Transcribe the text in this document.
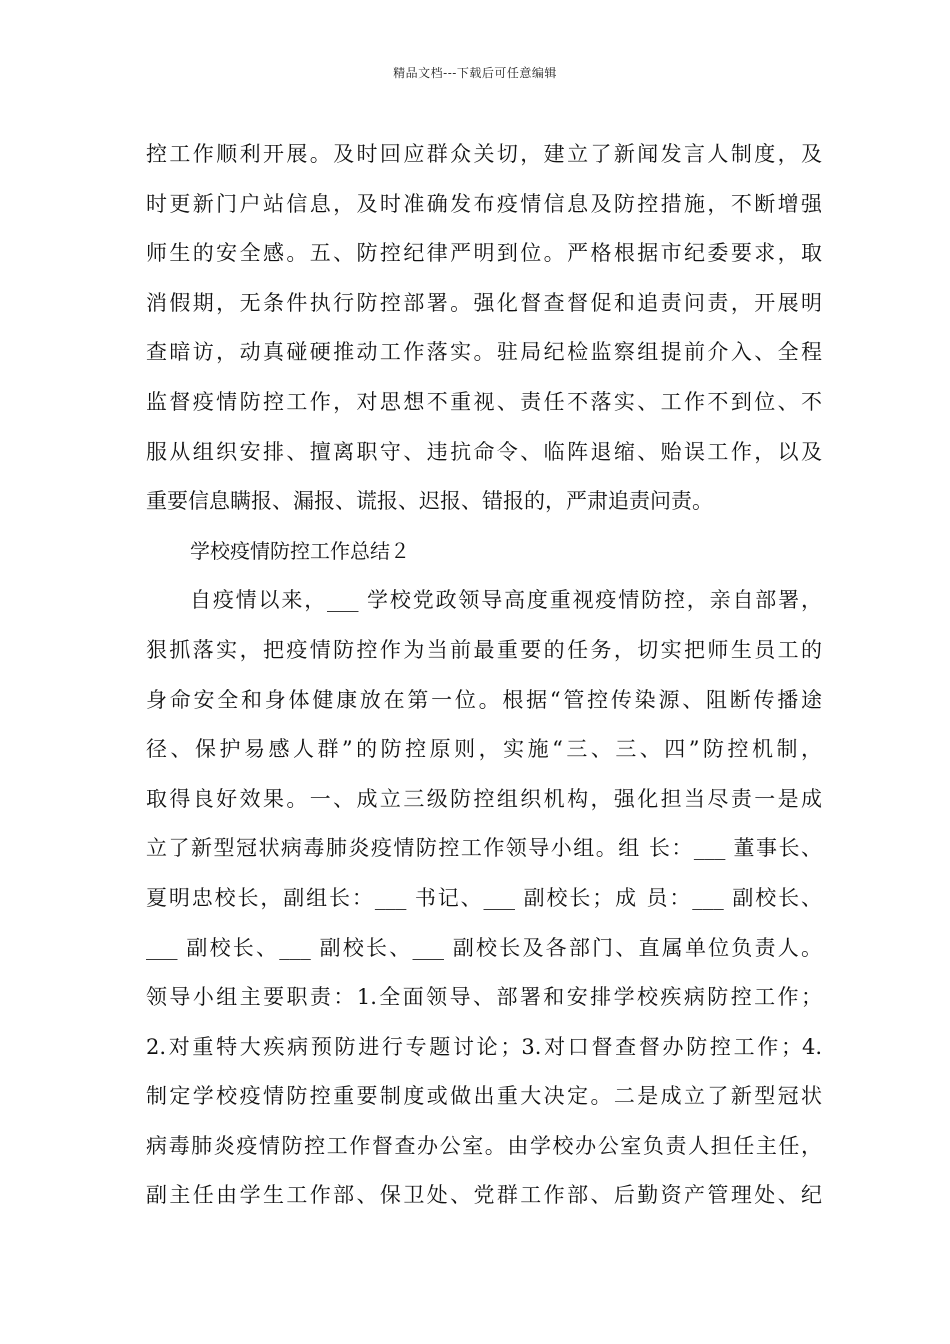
精品文档---下载后可任意编辑
控工作顺利开展。及时回应群众关切，建立了新闻发言人制度，及
时更新门户站信息，及时准确发布疫情信息及防控措施，不断增强
师生的安全感。五、防控纪律严明到位。严格根据市纪委要求，取
消假期，无条件执行防控部署。强化督查督促和追责问责，开展明
查暗访，动真碰硬推动工作落实。驻局纪检监察组提前介入、全程
监督疫情防控工作，对思想不重视、责任不落实、工作不到位、不
服从组织安排、擅离职守、违抗命令、临阵退缩、贻误工作，以及
重要信息瞒报、漏报、谎报、迟报、错报的，严肃追责问责。
学校疫情防控工作总结２
自疫情以来，___ 学校党政领导高度重视疫情防控，亲自部署，
狠抓落实，把疫情防控作为当前最重要的任务，切实把师生员工的
身命安全和身体健康放在第一位。根据“管控传染源、阻断传播途
径、保护易感人群”的防控原则，实施“三、三、四”防控机制，
取得良好效果。一、成立三级防控组织机构，强化担当尽责一是成
立了新型冠状病毒肺炎疫情防控工作领导小组。组 长：___ 董事长、
夏明忠校长，副组长：___ 书记、___ 副校长；成 员：___ 副校长、
___ 副校长、___ 副校长、___ 副校长及各部门、直属单位负责人。
领导小组主要职责：1.全面领导、部署和安排学校疾病防控工作；
2.对重特大疾病预防进行专题讨论；3.对口督查督办防控工作；4.
制定学校疫情防控重要制度或做出重大决定。二是成立了新型冠状
病毒肺炎疫情防控工作督查办公室。由学校办公室负责人担任主任，
副主任由学生工作部、保卫处、党群工作部、后勤资产管理处、纪
